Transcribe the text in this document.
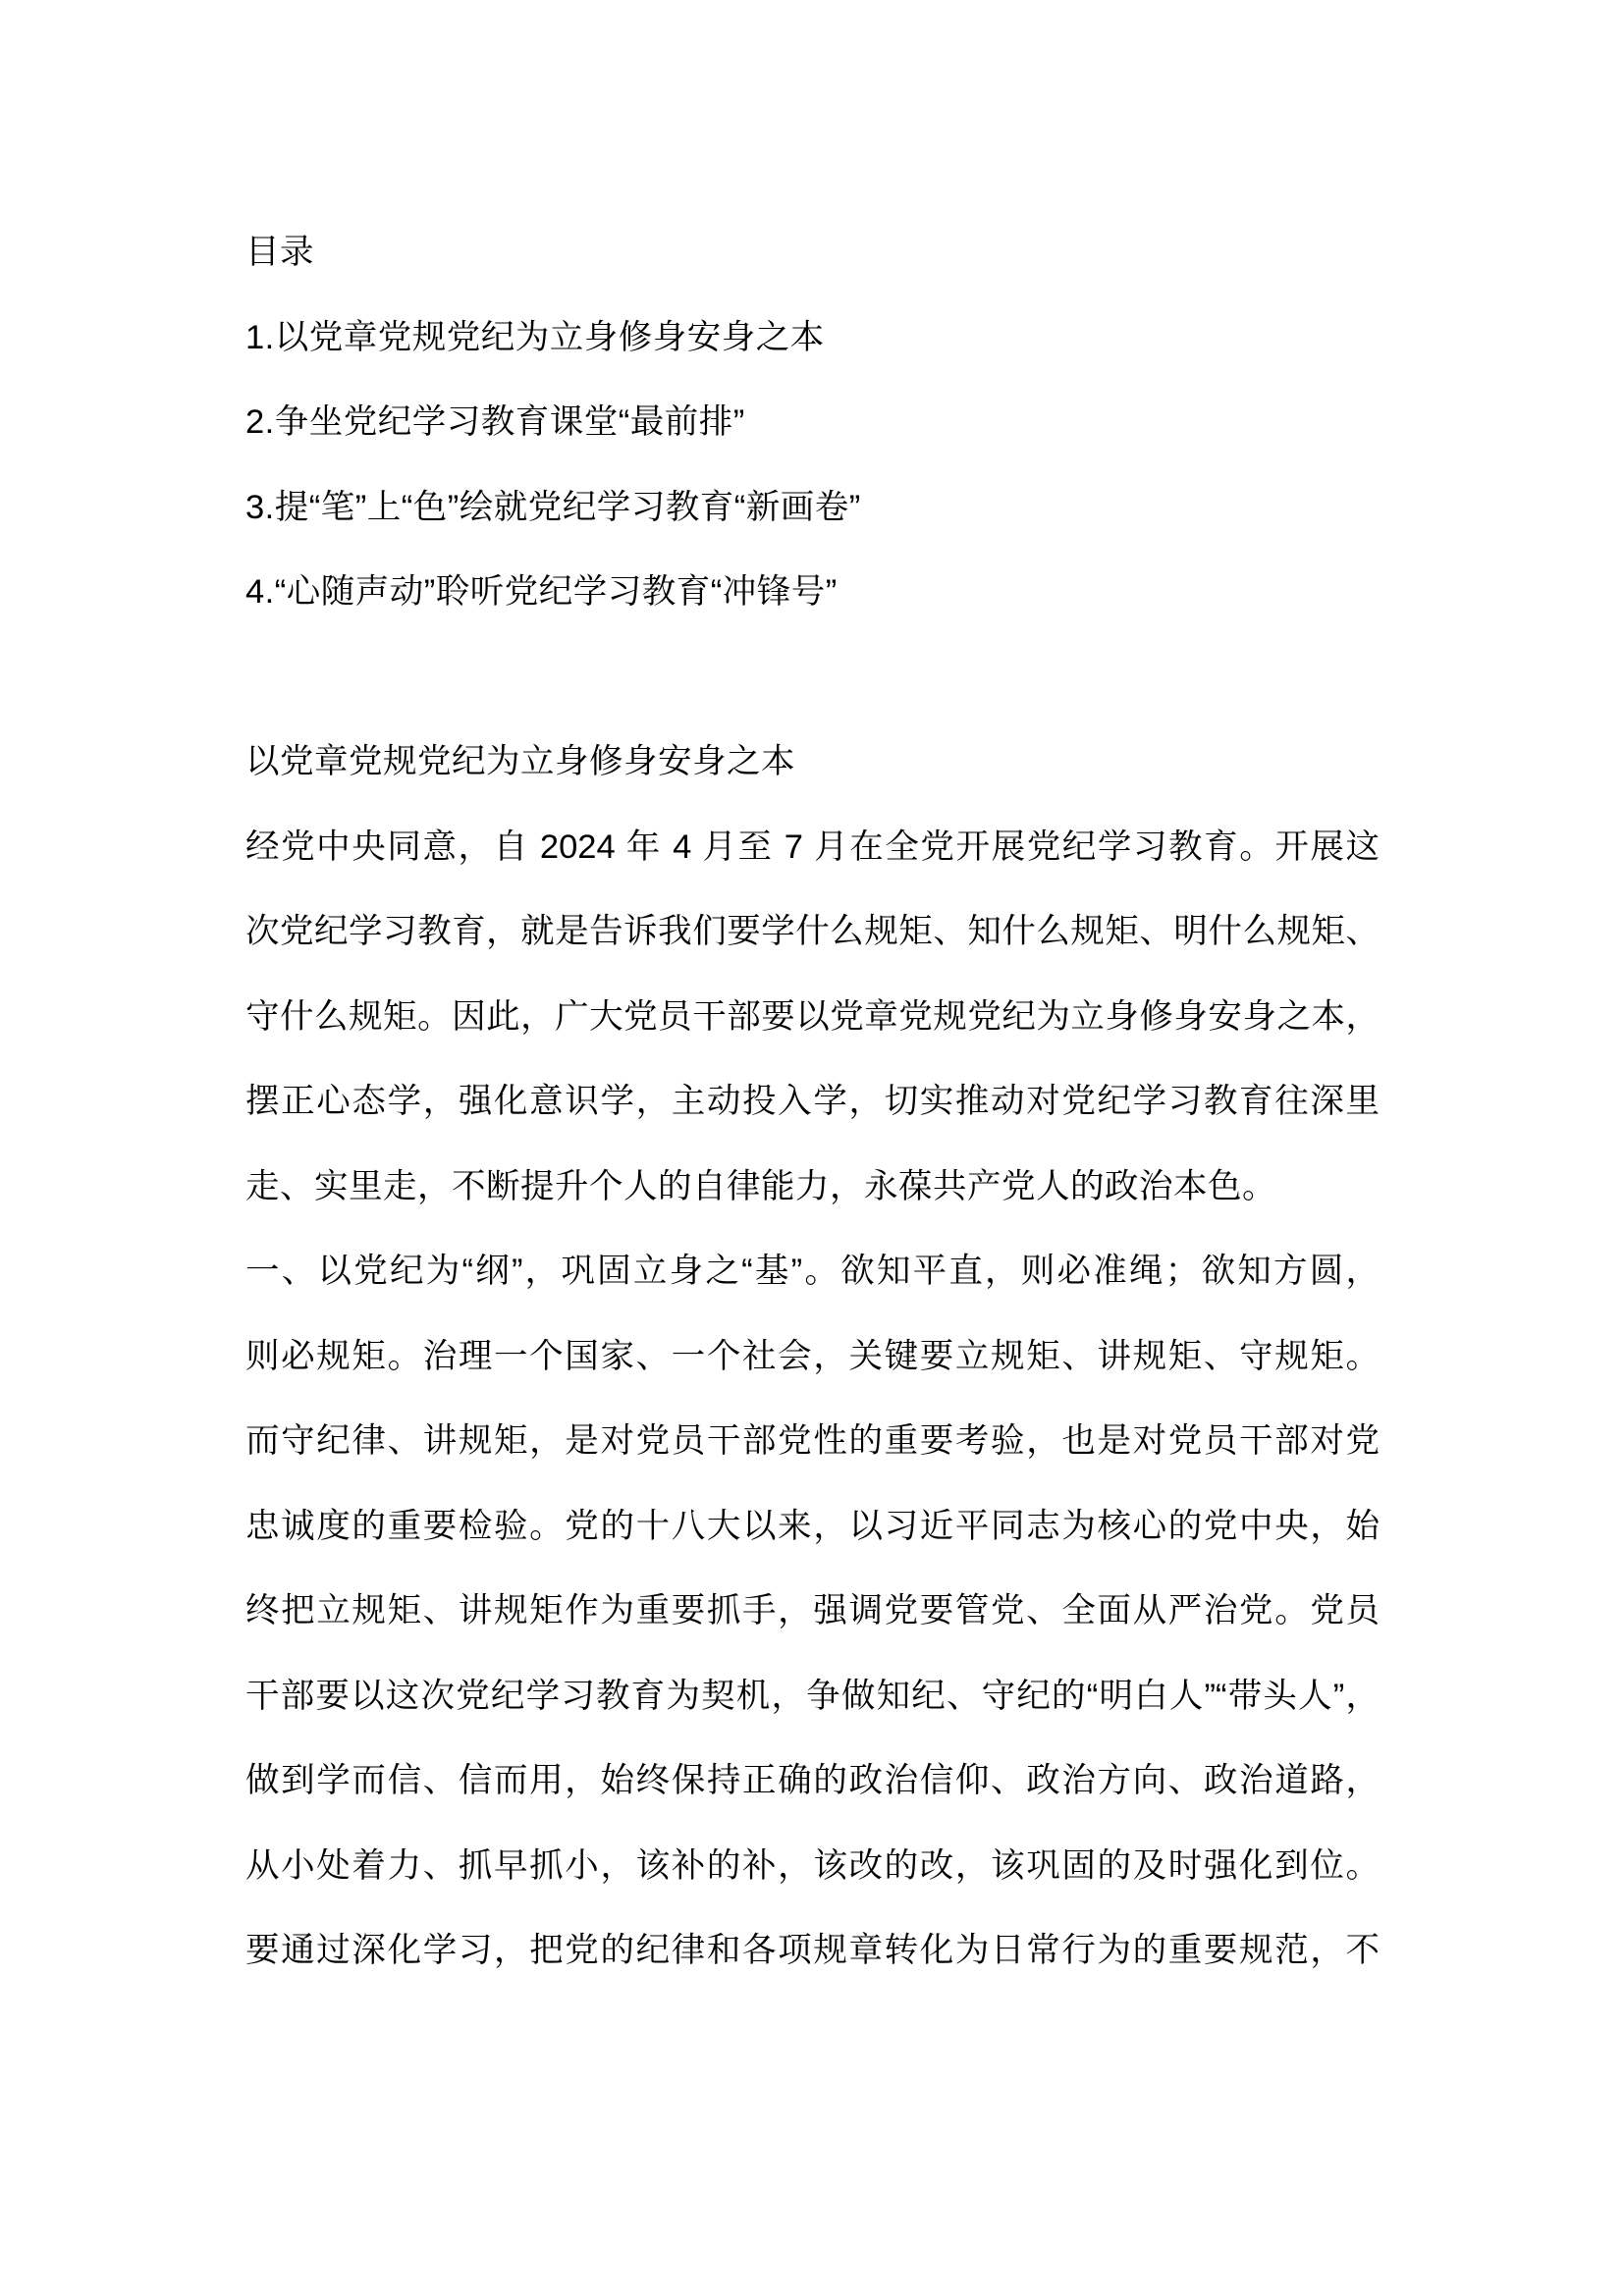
目录
1.以党章党规党纪为立身修身安身之本
2.争坐党纪学习教育课堂“最前排”
3.提“笔”上“色”绘就党纪学习教育“新画卷”
4.“心随声动”聆听党纪学习教育“冲锋号”
以党章党规党纪为立身修身安身之本
经党中央同意，自 2024 年 4 月至 7 月在全党开展党纪学习教育。开展这
次党纪学习教育，就是告诉我们要学什么规矩、知什么规矩、明什么规矩、
守什么规矩。因此，广大党员干部要以党章党规党纪为立身修身安身之本，
摆正心态学，强化意识学，主动投入学，切实推动对党纪学习教育往深里
走、实里走，不断提升个人的自律能力，永葆共产党人的政治本色。
一、以党纪为“纲”，巩固立身之“基”。欲知平直，则必准绳；欲知方圆，
则必规矩。治理一个国家、一个社会，关键要立规矩、讲规矩、守规矩。
而守纪律、讲规矩，是对党员干部党性的重要考验，也是对党员干部对党
忠诚度的重要检验。党的十八大以来，以习近平同志为核心的党中央，始
终把立规矩、讲规矩作为重要抓手，强调党要管党、全面从严治党。党员
干部要以这次党纪学习教育为契机，争做知纪、守纪的“明白人”“带头人”，
做到学而信、信而用，始终保持正确的政治信仰、政治方向、政治道路，
从小处着力、抓早抓小，该补的补，该改的改，该巩固的及时强化到位。
要通过深化学习，把党的纪律和各项规章转化为日常行为的重要规范，不
